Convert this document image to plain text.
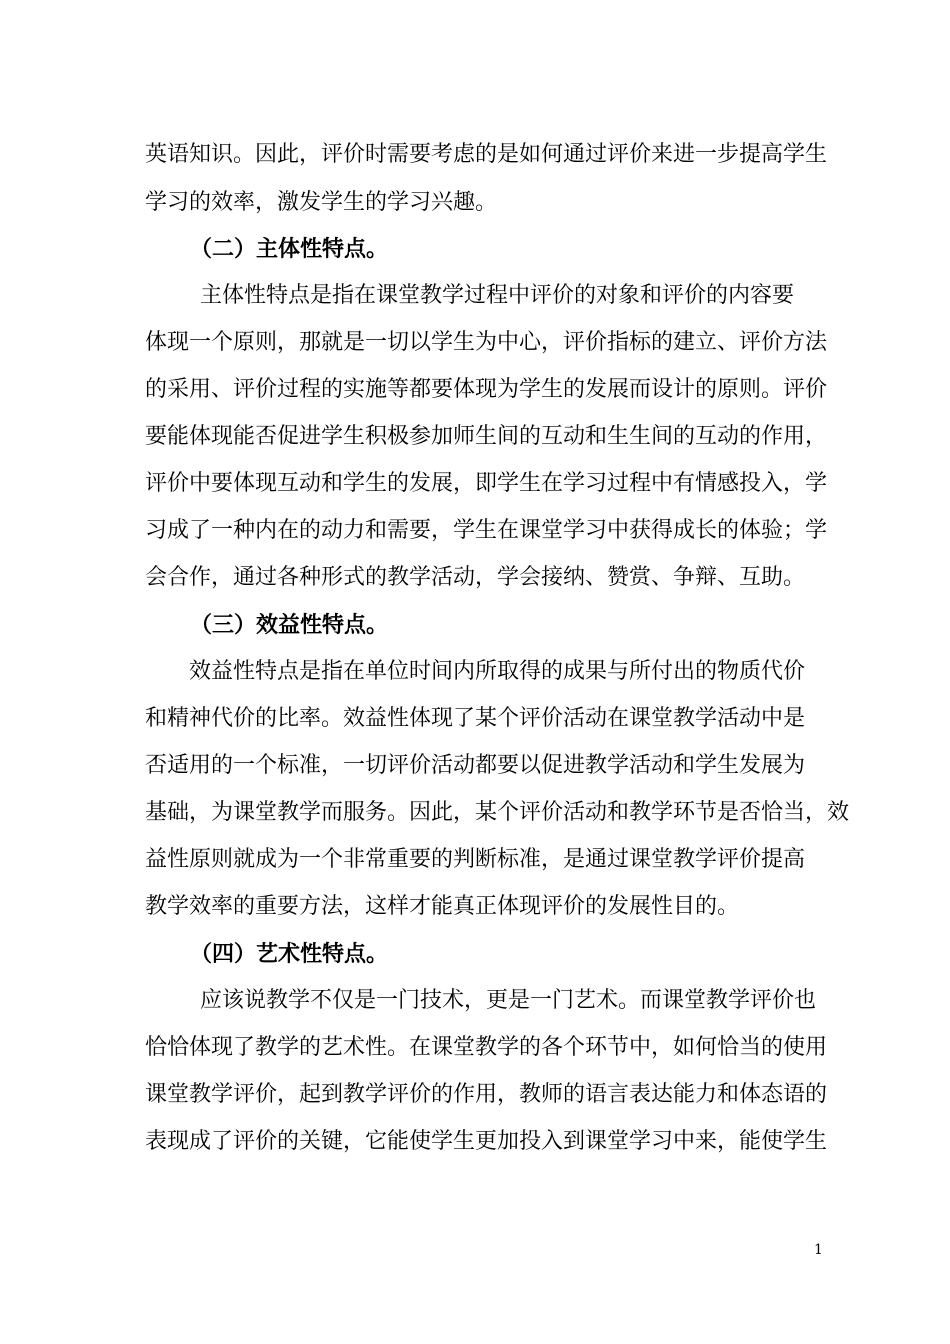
英语知识。因此，评价时需要考虑的是如何通过评价来进一步提高学生
学习的效率，激发学生的学习兴趣。
（二）主体性特点。
主体性特点是指在课堂教学过程中评价的对象和评价的内容要
体现一个原则，那就是一切以学生为中心，评价指标的建立、评价方法
的采用、评价过程的实施等都要体现为学生的发展而设计的原则。评价
要能体现能否促进学生积极参加师生间的互动和生生间的互动的作用，
评价中要体现互动和学生的发展，即学生在学习过程中有情感投入，学
习成了一种内在的动力和需要，学生在课堂学习中获得成长的体验；学
会合作，通过各种形式的教学活动，学会接纳、赞赏、争辩、互助。
（三）效益性特点。
效益性特点是指在单位时间内所取得的成果与所付出的物质代价
和精神代价的比率。效益性体现了某个评价活动在课堂教学活动中是
否适用的一个标准，一切评价活动都要以促进教学活动和学生发展为
基础，为课堂教学而服务。因此，某个评价活动和教学环节是否恰当，效
益性原则就成为一个非常重要的判断标准，是通过课堂教学评价提高
教学效率的重要方法，这样才能真正体现评价的发展性目的。
（四）艺术性特点。
应该说教学不仅是一门技术，更是一门艺术。而课堂教学评价也
恰恰体现了教学的艺术性。在课堂教学的各个环节中，如何恰当的使用
课堂教学评价，起到教学评价的作用，教师的语言表达能力和体态语的
表现成了评价的关键，它能使学生更加投入到课堂学习中来，能使学生
1
